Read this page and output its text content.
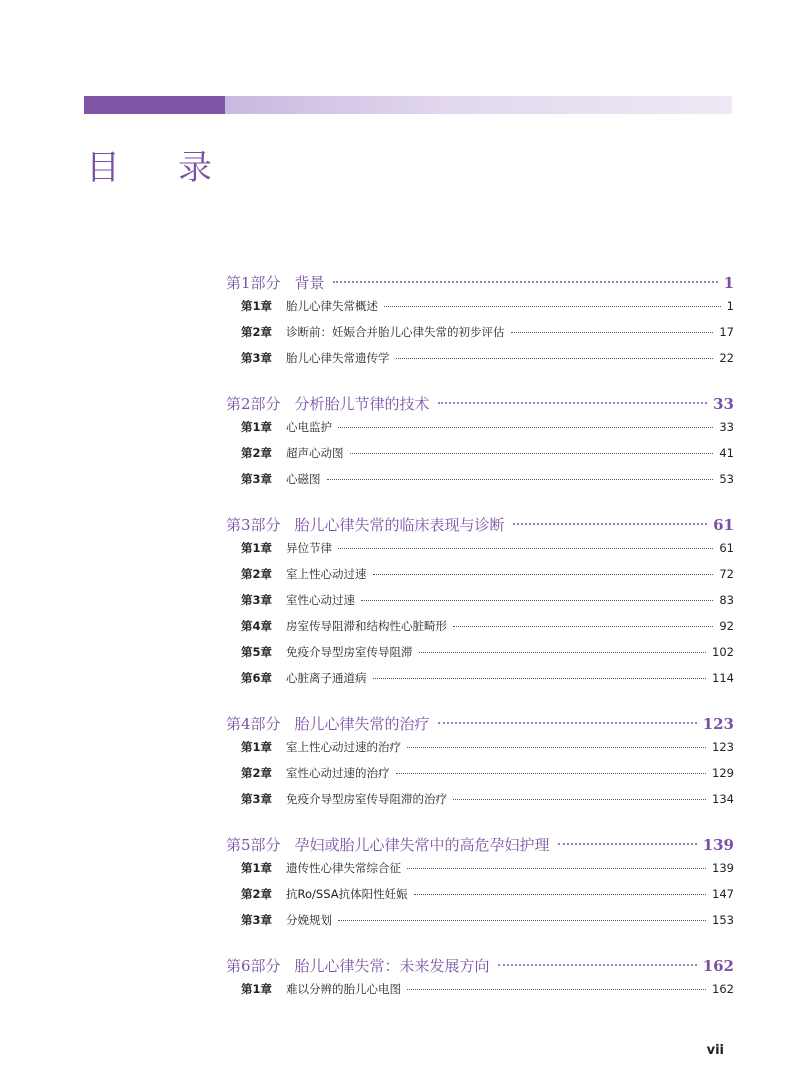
目 录
第1部分 背景	1
第1章 胎儿心律失常概述	1
第2章 诊断前：妊娠合并胎儿心律失常的初步评估	17
第3章 胎儿心律失常遗传学	22
第2部分 分析胎儿节律的技术	33
第1章 心电监护	33
第2章 超声心动图	41
第3章 心磁图	53
第3部分 胎儿心律失常的临床表现与诊断	61
第1章 异位节律	61
第2章 室上性心动过速	72
第3章 室性心动过速	83
第4章 房室传导阻滞和结构性心脏畸形	92
第5章 免疫介导型房室传导阻滞	102
第6章 心脏离子通道病	114
第4部分 胎儿心律失常的治疗	123
第1章 室上性心动过速的治疗	123
第2章 室性心动过速的治疗	129
第3章 免疫介导型房室传导阻滞的治疗	134
第5部分 孕妇或胎儿心律失常中的高危孕妇护理	139
第1章 遗传性心律失常综合征	139
第2章 抗Ro/SSA抗体阳性妊娠	147
第3章 分娩规划	153
第6部分 胎儿心律失常：未来发展方向	162
第1章 难以分辨的胎儿心电图	162
vii
